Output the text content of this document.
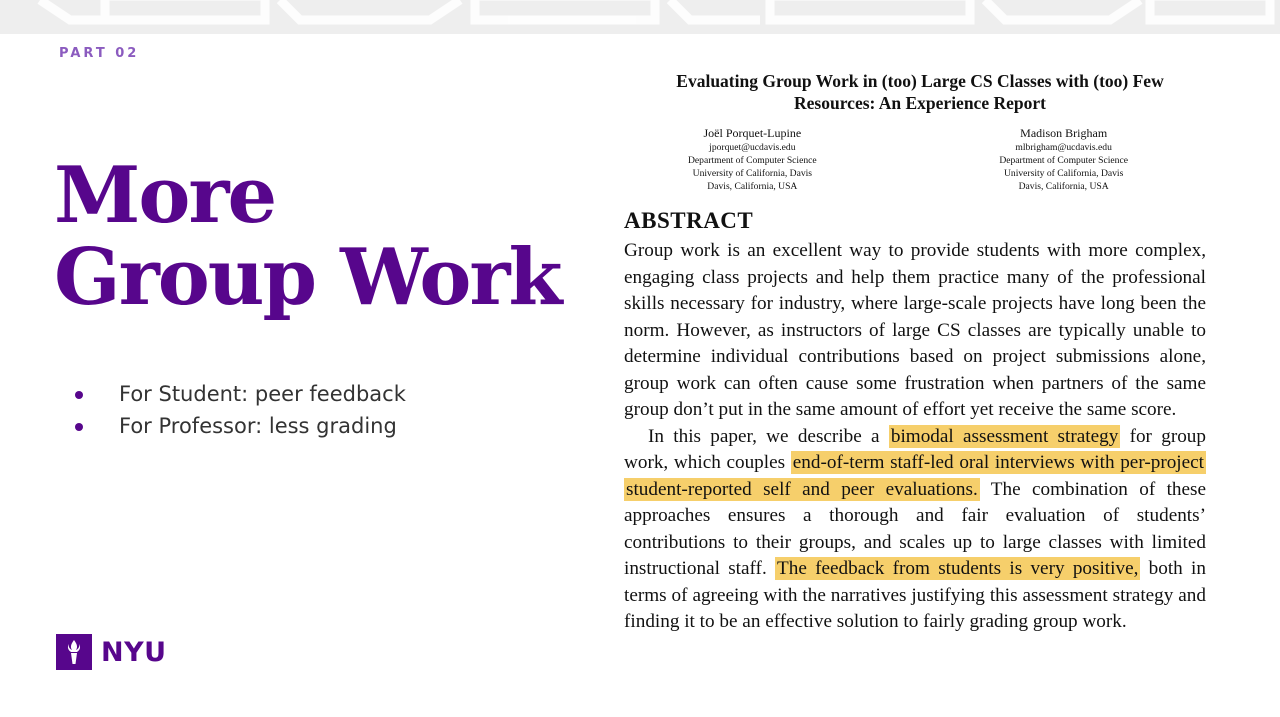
PART 02
More
Group Work
For Student: peer feedback
For Professor: less grading
NYU
Evaluating Group Work in (too) Large CS Classes with (too) Few
Resources: An Experience Report
Joël Porquet-Lupine
jporquet@ucdavis.edu
Department of Computer Science
University of California, Davis
Davis, California, USA
Madison Brigham
mlbrigham@ucdavis.edu
Department of Computer Science
University of California, Davis
Davis, California, USA
ABSTRACT

Group work is an excellent way to provide students with more complex, engaging class projects and help them practice many of the professional skills necessary for industry, where large-scale projects have long been the norm. However, as instructors of large CS classes are typically unable to determine individual contributions based on project submissions alone, group work can often cause some frustration when partners of the same group don’t put in the same amount of effort yet receive the same score.

In this paper, we describe a bimodal assessment strategy for group work, which couples end-of-term staff-led oral interviews with per-project student-reported self and peer evaluations. The combination of these approaches ensures a thorough and fair evaluation of students’ contributions to their groups, and scales up to large classes with limited instructional staff. The feedback from students is very positive, both in terms of agreeing with the narratives justifying this assessment strategy and finding it to be an effective solution to fairly grading group work.
